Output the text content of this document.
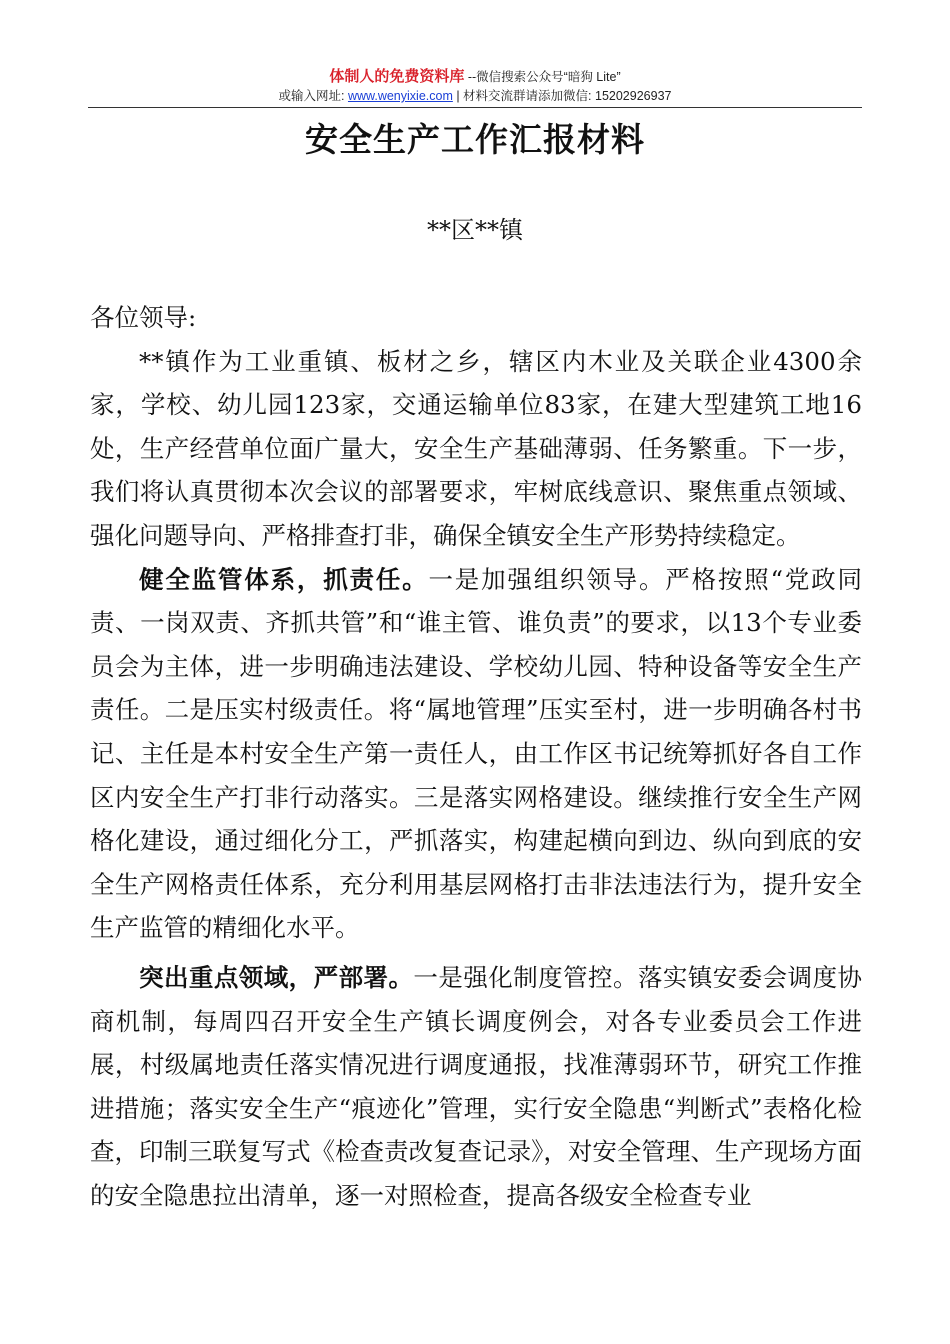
体制人的免费资料库 --微信搜索公众号“暗狗 Lite”
或输入网址: www.wenyixie.com | 材料交流群请添加微信: 15202926937
安全生产工作汇报材料
**区**镇

各位领导:

**镇作为工业重镇、板材之乡，辖区内木业及关联企业4300余家，学校、幼儿园123家，交通运输单位83家，在建大型建筑工地16处，生产经营单位面广量大，安全生产基础薄弱、任务繁重。下一步，我们将认真贯彻本次会议的部署要求，牢树底线意识、聚焦重点领域、强化问题导向、严格排查打非，确保全镇安全生产形势持续稳定。

健全监管体系，抓责任。一是加强组织领导。严格按照“党政同责、一岗双责、齐抓共管”和“谁主管、谁负责”的要求，以13个专业委员会为主体，进一步明确违法建设、学校幼儿园、特种设备等安全生产责任。二是压实村级责任。将“属地管理”压实至村，进一步明确各村书记、主任是本村安全生产第一责任人，由工作区书记统筹抓好各自工作区内安全生产打非行动落实。三是落实网格建设。继续推行安全生产网格化建设，通过细化分工，严抓落实，构建起横向到边、纵向到底的安全生产网格责任体系，充分利用基层网格打击非法违法行为，提升安全生产监管的精细化水平。

突出重点领域，严部署。一是强化制度管控。落实镇安委会调度协商机制，每周四召开安全生产镇长调度例会，对各专业委员会工作进展，村级属地责任落实情况进行调度通报，找准薄弱环节，研究工作推进措施；落实安全生产“痕迹化”管理，实行安全隐患“判断式”表格化检查，印制三联复写式《检查责改复查记录》，对安全管理、生产现场方面的安全隐患拉出清单，逐一对照检查，提高各级安全检查专业
